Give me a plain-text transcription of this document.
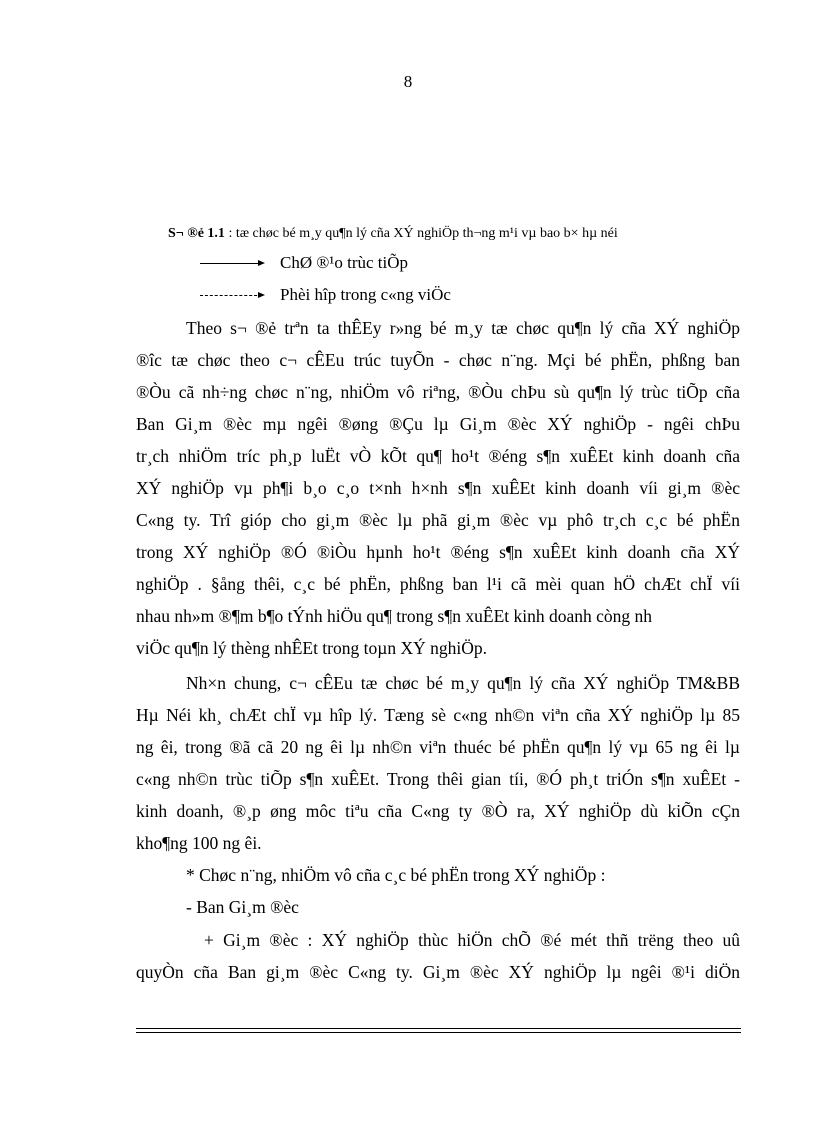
8
S¬ ®ẻ 1.1 : tæ chøc bé m¸y qu¶n lý cña XÝ nghiÖp th¬ng m¹i vµ bao b× hµ néi
ChØ ®¹o trùc tiÕp
Phèi hîp trong c«ng viÖc
Theo s¬ ®ẻ trªn ta thÊEy r»ng bé m¸y tæ chøc qu¶n lý cña XÝ nghiÖp
®îc tæ chøc theo c¬ cÊEu trúc tuyÕn - chøc n¨ng. Mçi bé phËn, phßng ban
®Òu cã nh÷ng chøc n¨ng, nhiÖm vô riªng, ®Òu chÞu sù qu¶n lý trùc tiÕp cña
Ban Gi¸m ®èc mµ ngêi ®øng ®Çu lµ Gi¸m ®èc XÝ nghiÖp - ngêi chÞu
tr¸ch nhiÖm tríc ph¸p luËt vÒ kÕt qu¶ ho¹t ®éng s¶n xuÊEt kinh doanh cña
XÝ nghiÖp vµ ph¶i b¸o c¸o t×nh h×nh s¶n xuÊEt kinh doanh víi gi¸m ®èc
C«ng ty. Trî gióp cho gi¸m ®èc lµ phã gi¸m ®èc vµ phô tr¸ch c¸c bé phËn
trong XÝ nghiÖp ®Ó ®iÒu hµnh ho¹t ®éng s¶n xuÊEt kinh doanh cña XÝ
nghiÖp . §ång thêi, c¸c bé phËn, phßng ban l¹i cã mèi quan hÖ chÆt chÏ víi
nhau nh»m ®¶m b¶o tÝnh hiÖu qu¶ trong s¶n xuÊEt kinh doanh còng nh
viÖc qu¶n lý thèng nhÊEt trong toµn XÝ nghiÖp.
Nh×n chung, c¬ cÊEu tæ chøc bé m¸y qu¶n lý cña XÝ nghiÖp TM&BB
Hµ Néi kh¸ chÆt chÏ vµ hîp lý. Tæng sè c«ng nh©n viªn cña XÝ nghiÖp lµ 85
ng êi, trong ®ã cã 20 ng êi lµ nh©n viªn thuéc bé phËn qu¶n lý vµ 65 ng êi lµ
c«ng nh©n trùc tiÕp s¶n xuÊEt. Trong thêi gian tíi, ®Ó ph¸t triÓn s¶n xuÊEt -
kinh doanh, ®¸p øng môc tiªu cña C«ng ty ®Ò ra, XÝ nghiÖp dù kiÕn cÇn
kho¶ng 100 ng êi.
* Chøc n¨ng, nhiÖm vô cña c¸c bé phËn trong XÝ nghiÖp :
- Ban Gi¸m ®èc
+ Gi¸m ®èc : XÝ nghiÖp thùc hiÖn chÕ ®é mét thñ trëng theo uû
quyÒn cña Ban gi¸m ®èc C«ng ty. Gi¸m ®èc XÝ nghiÖp lµ ngêi ®¹i diÖn
